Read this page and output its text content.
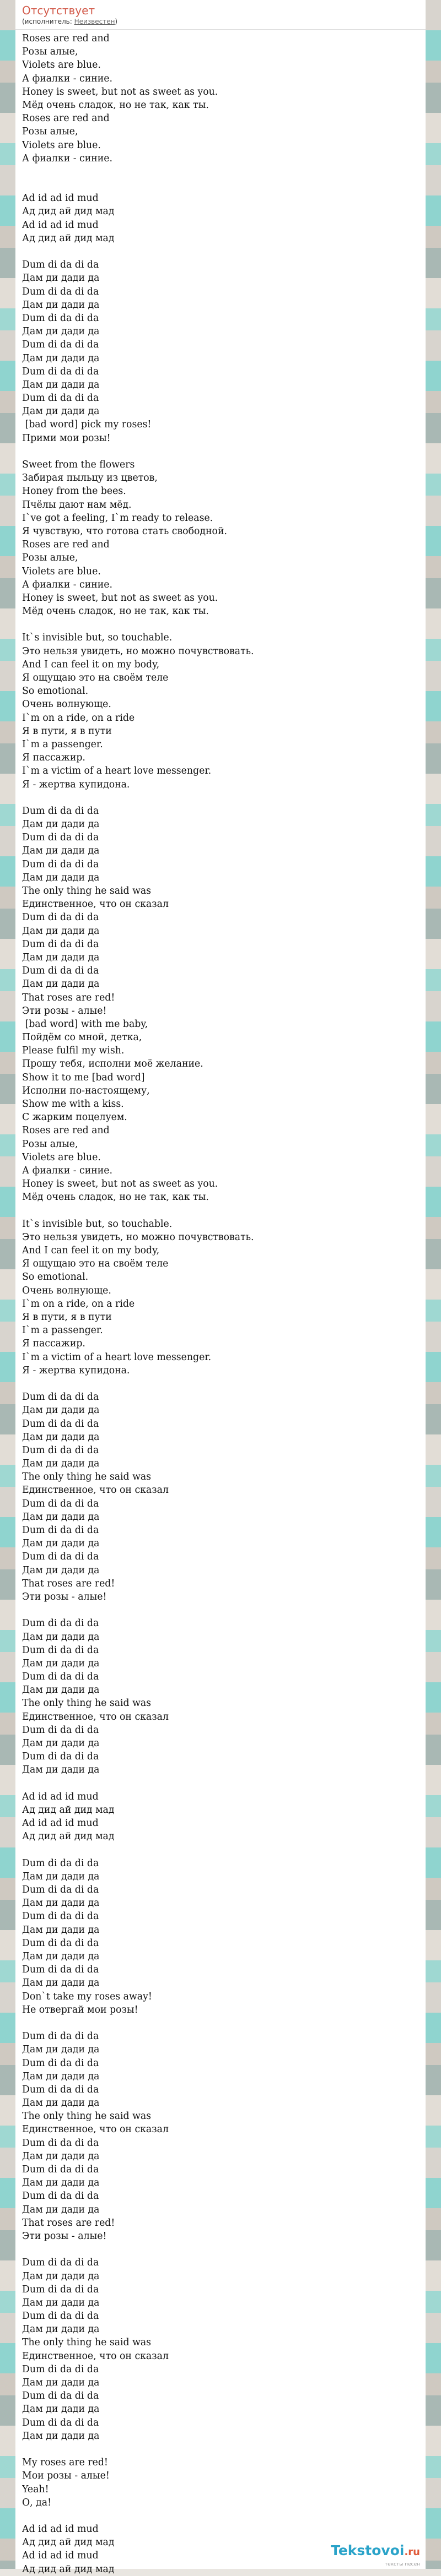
Отсутствует
(исполнитель: Неизвестен)
Roses are red and
Розы алые,
Violets are blue.
А фиалки - синие.
Honey is sweet, but not as sweet as you.
Мёд очень сладок, но не так, как ты.
Roses are red and
Розы алые,
Violets are blue.
А фиалки - синие.
Ad id ad id mud
Ад дид ай дид мад
Ad id ad id mud
Ад дид ай дид мад
Dum di da di da
Дам ди дади да
Dum di da di da
Дам ди дади да
Dum di da di da
Дам ди дади да
Dum di da di da
Дам ди дади да
Dum di da di da
Дам ди дади да
Dum di da di da
Дам ди дади да
[bad word] pick my roses!
Прими мои розы!
Sweet from the flowers
Забирая пыльцу из цветов,
Honey from the bees.
Пчёлы дают нам мёд.
I`ve got a feeling, I`m ready to release.
Я чувствую, что готова стать свободной.
Roses are red and
Розы алые,
Violets are blue.
А фиалки - синие.
Honey is sweet, but not as sweet as you.
Мёд очень сладок, но не так, как ты.
It`s invisible but, so touchable.
Это нельзя увидеть, но можно почувствовать.
And I can feel it on my body,
Я ощущаю это на своём теле
So emotional.
Очень волнующе.
I`m on a ride, on a ride
Я в пути, я в пути
I`m a passenger.
Я пассажир.
I`m a victim of a heart love messenger.
Я - жертва купидона.
Dum di da di da
Дам ди дади да
Dum di da di da
Дам ди дади да
Dum di da di da
Дам ди дади да
The only thing he said was
Единственное, что он сказал
Dum di da di da
Дам ди дади да
Dum di da di da
Дам ди дади да
Dum di da di da
Дам ди дади да
That roses are red!
Эти розы - алые!
[bad word] with me baby,
Пойдём со мной, детка,
Please fulfil my wish.
Прошу тебя, исполни моё желание.
Show it to me [bad word]
Исполни по-настоящему,
Show me with a kiss.
С жарким поцелуем.
Roses are red and
Розы алые,
Violets are blue.
А фиалки - синие.
Honey is sweet, but not as sweet as you.
Мёд очень сладок, но не так, как ты.
It`s invisible but, so touchable.
Это нельзя увидеть, но можно почувствовать.
And I can feel it on my body,
Я ощущаю это на своём теле
So emotional.
Очень волнующе.
I`m on a ride, on a ride
Я в пути, я в пути
I`m a passenger.
Я пассажир.
I`m a victim of a heart love messenger.
Я - жертва купидона.
Dum di da di da
Дам ди дади да
Dum di da di da
Дам ди дади да
Dum di da di da
Дам ди дади да
The only thing he said was
Единственное, что он сказал
Dum di da di da
Дам ди дади да
Dum di da di da
Дам ди дади да
Dum di da di da
Дам ди дади да
That roses are red!
Эти розы - алые!
Dum di da di da
Дам ди дади да
Dum di da di da
Дам ди дади да
Dum di da di da
Дам ди дади да
The only thing he said was
Единственное, что он сказал
Dum di da di da
Дам ди дади да
Dum di da di da
Дам ди дади да
Ad id ad id mud
Ад дид ай дид мад
Ad id ad id mud
Ад дид ай дид мад
Dum di da di da
Дам ди дади да
Dum di da di da
Дам ди дади да
Dum di da di da
Дам ди дади да
Dum di da di da
Дам ди дади да
Dum di da di da
Дам ди дади да
Don`t take my roses away!
Не отвергай мои розы!
Dum di da di da
Дам ди дади да
Dum di da di da
Дам ди дади да
Dum di da di da
Дам ди дади да
The only thing he said was
Единственное, что он сказал
Dum di da di da
Дам ди дади да
Dum di da di da
Дам ди дади да
Dum di da di da
Дам ди дади да
That roses are red!
Эти розы - алые!
Dum di da di da
Дам ди дади да
Dum di da di da
Дам ди дади да
Dum di da di da
Дам ди дади да
The only thing he said was
Единственное, что он сказал
Dum di da di da
Дам ди дади да
Dum di da di da
Дам ди дади да
Dum di da di da
Дам ди дади да
My roses are red!
Мои розы - алые!
Yeah!
О, да!
Ad id ad id mud
Ад дид ай дид мад
Ad id ad id mud
Ад дид ай дид мад
Tekstovoi.ru
тексты песен
